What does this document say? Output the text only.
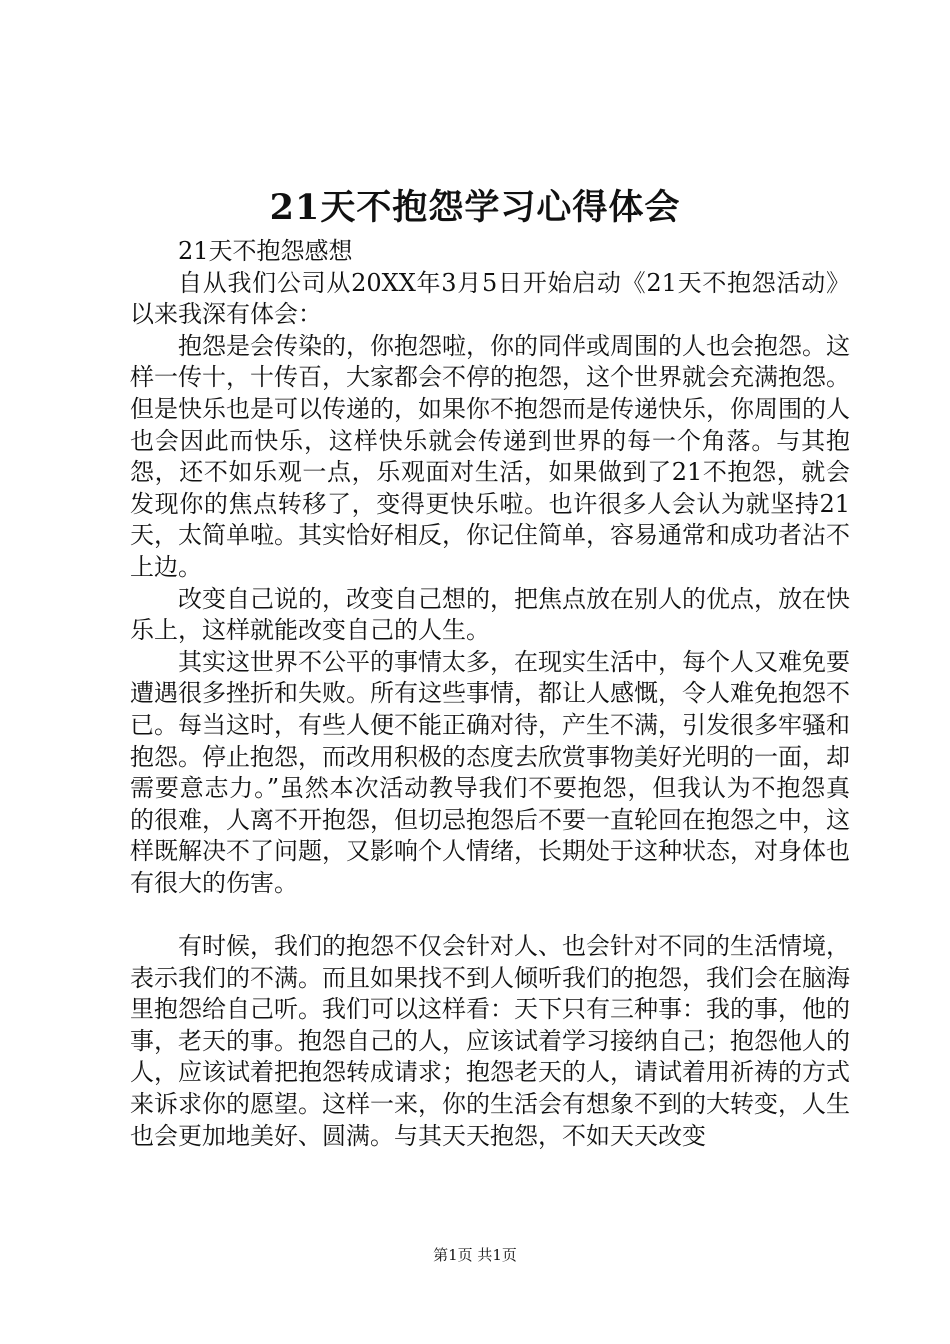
21天不抱怨学习心得体会

21天不抱怨感想

自从我们公司从20XX年3月5日开始启动《21天不抱怨活动》以来我深有体会：

抱怨是会传染的，你抱怨啦，你的同伴或周围的人也会抱怨。这样一传十，十传百，大家都会不停的抱怨，这个世界就会充满抱怨。但是快乐也是可以传递的，如果你不抱怨而是传递快乐，你周围的人也会因此而快乐，这样快乐就会传递到世界的每一个角落。与其抱怨，还不如乐观一点，乐观面对生活，如果做到了21不抱怨，就会发现你的焦点转移了，变得更快乐啦。也许很多人会认为就坚持21天，太简单啦。其实恰好相反，你记住简单，容易通常和成功者沾不上边。

改变自己说的，改变自己想的，把焦点放在别人的优点，放在快乐上，这样就能改变自己的人生。

其实这世界不公平的事情太多，在现实生活中，每个人又难免要遭遇很多挫折和失败。所有这些事情，都让人感慨，令人难免抱怨不已。每当这时，有些人便不能正确对待，产生不满，引发很多牢骚和抱怨。停止抱怨，而改用积极的态度去欣赏事物美好光明的一面，却需要意志力。”虽然本次活动教导我们不要抱怨，但我认为不抱怨真的很难，人离不开抱怨，但切忌抱怨后不要一直轮回在抱怨之中，这样既解决不了问题，又影响个人情绪，长期处于这种状态，对身体也有很大的伤害。

有时候，我们的抱怨不仅会针对人、也会针对不同的生活情境，表示我们的不满。而且如果找不到人倾听我们的抱怨，我们会在脑海里抱怨给自己听。我们可以这样看：天下只有三种事：我的事，他的事，老天的事。抱怨自己的人，应该试着学习接纳自己；抱怨他人的人，应该试着把抱怨转成请求；抱怨老天的人，请试着用祈祷的方式来诉求你的愿望。这样一来，你的生活会有想象不到的大转变，人生也会更加地美好、圆满。与其天天抱怨，不如天天改变

第1页 共1页
